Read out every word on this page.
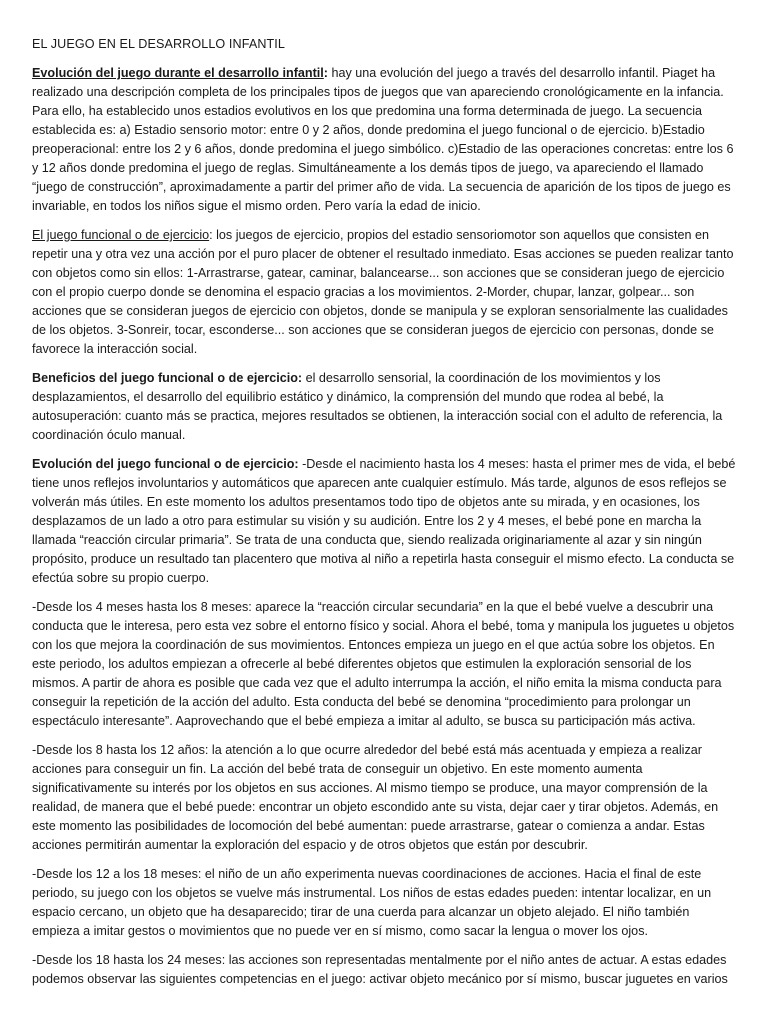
EL JUEGO EN EL DESARROLLO INFANTIL

Evolución del juego durante el desarrollo infantil: hay una evolución del juego a través del desarrollo infantil. Piaget ha realizado una descripción completa de los principales tipos de juegos que van apareciendo cronológicamente en la infancia. Para ello, ha establecido unos estadios evolutivos en los que predomina una forma determinada de juego. La secuencia establecida es: a) Estadio sensorio motor: entre 0 y 2 años, donde predomina el juego funcional o de ejercicio. b)Estadio preoperacional: entre los 2 y 6 años, donde predomina el juego simbólico. c)Estadio de las operaciones concretas: entre los 6 y 12 años donde predomina el juego de reglas. Simultáneamente a los demás tipos de juego, va apareciendo el llamado “juego de construcción”, aproximadamente a partir del primer año de vida. La secuencia de aparición de los tipos de juego es invariable, en todos los niños sigue el mismo orden. Pero varía la edad de inicio.

El juego funcional o de ejercicio: los juegos de ejercicio, propios del estadio sensoriomotor son aquellos que consisten en repetir una y otra vez una acción por el puro placer de obtener el resultado inmediato. Esas acciones se pueden realizar tanto con objetos como sin ellos: 1-Arrastrarse, gatear, caminar, balancearse... son acciones que se consideran juego de ejercicio con el propio cuerpo donde se denomina el espacio gracias a los movimientos. 2-Morder, chupar, lanzar, golpear... son acciones que se consideran juegos de ejercicio con objetos, donde se manipula y se exploran sensorialmente las cualidades de los objetos. 3-Sonreir, tocar, esconderse... son acciones que se consideran juegos de ejercicio con personas, donde se favorece la interacción social.

Beneficios del juego funcional o de ejercicio: el desarrollo sensorial, la coordinación de los movimientos y los desplazamientos, el desarrollo del equilibrio estático y dinámico, la comprensión del mundo que rodea al bebé, la autosuperación: cuanto más se practica, mejores resultados se obtienen, la interacción social con el adulto de referencia, la coordinación óculo manual.

Evolución del juego funcional o de ejercicio: -Desde el nacimiento hasta los 4 meses: hasta el primer mes de vida, el bebé tiene unos reflejos involuntarios y automáticos que aparecen ante cualquier estímulo. Más tarde, algunos de esos reflejos se volverán más útiles. En este momento los adultos presentamos todo tipo de objetos ante su mirada, y en ocasiones, los desplazamos de un lado a otro para estimular su visión y su audición. Entre los 2 y 4 meses, el bebé pone en marcha la llamada “reacción circular primaria”. Se trata de una conducta que, siendo realizada originariamente al azar y sin ningún propósito, produce un resultado tan placentero que motiva al niño a repetirla hasta conseguir el mismo efecto. La conducta se efectúa sobre su propio cuerpo.

-Desde los 4 meses hasta los 8 meses: aparece la “reacción circular secundaria” en la que el bebé vuelve a descubrir una conducta que le interesa, pero esta vez sobre el entorno físico y social. Ahora el bebé, toma y manipula los juguetes u objetos con los que mejora la coordinación de sus movimientos. Entonces empieza un juego en el que actúa sobre los objetos. En este periodo, los adultos empiezan a ofrecerle al bebé diferentes objetos que estimulen la exploración sensorial de los mismos. A partir de ahora es posible que cada vez que el adulto interrumpa la acción, el niño emita la misma conducta para conseguir la repetición de la acción del adulto. Esta conducta del bebé se denomina “procedimiento para prolongar un espectáculo interesante”. Aaprovechando que el bebé empieza a imitar al adulto, se busca su participación más activa.

-Desde los 8 hasta los 12 años: la atención a lo que ocurre alrededor del bebé está más acentuada y empieza a realizar acciones para conseguir un fin. La acción del bebé trata de conseguir un objetivo. En este momento aumenta significativamente su interés por los objetos en sus acciones. Al mismo tiempo se produce, una mayor comprensión de la realidad, de manera que el bebé puede: encontrar un objeto escondido ante su vista, dejar caer y tirar objetos. Además, en este momento las posibilidades de locomoción del bebé aumentan: puede arrastrarse, gatear o comienza a andar. Estas acciones permitirán aumentar la exploración del espacio y de otros objetos que están por descubrir.

-Desde los 12 a los 18 meses: el niño de un año experimenta nuevas coordinaciones de acciones. Hacia el final de este periodo, su juego con los objetos se vuelve más instrumental. Los niños de estas edades pueden: intentar localizar, en un espacio cercano, un objeto que ha desaparecido; tirar de una cuerda para alcanzar un objeto alejado. El niño también empieza a imitar gestos o movimientos que no puede ver en sí mismo, como sacar la lengua o mover los ojos.

-Desde los 18 hasta los 24 meses: las acciones son representadas mentalmente por el niño antes de actuar. A estas edades podemos observar las siguientes competencias en el juego: activar objeto mecánico por sí mismo, buscar juguetes en varios
